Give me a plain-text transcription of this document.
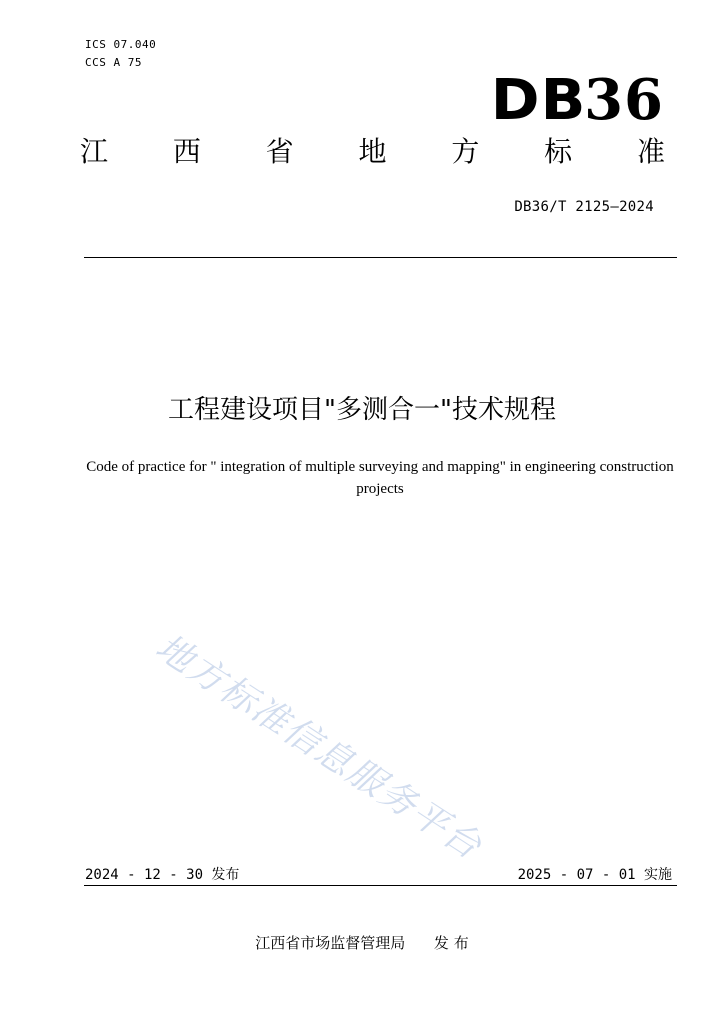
ICS 07.040
CCS A 75
DB36
江 西 省 地 方 标 准
DB36/T 2125—2024
工程建设项目"多测合一"技术规程
Code of practice for " integration of multiple surveying and mapping" in engineering construction projects
地方标准信息服务平台
2024 - 12 - 30 发布	2025 - 07 - 01 实施
江西省市场监督管理局 发 布
